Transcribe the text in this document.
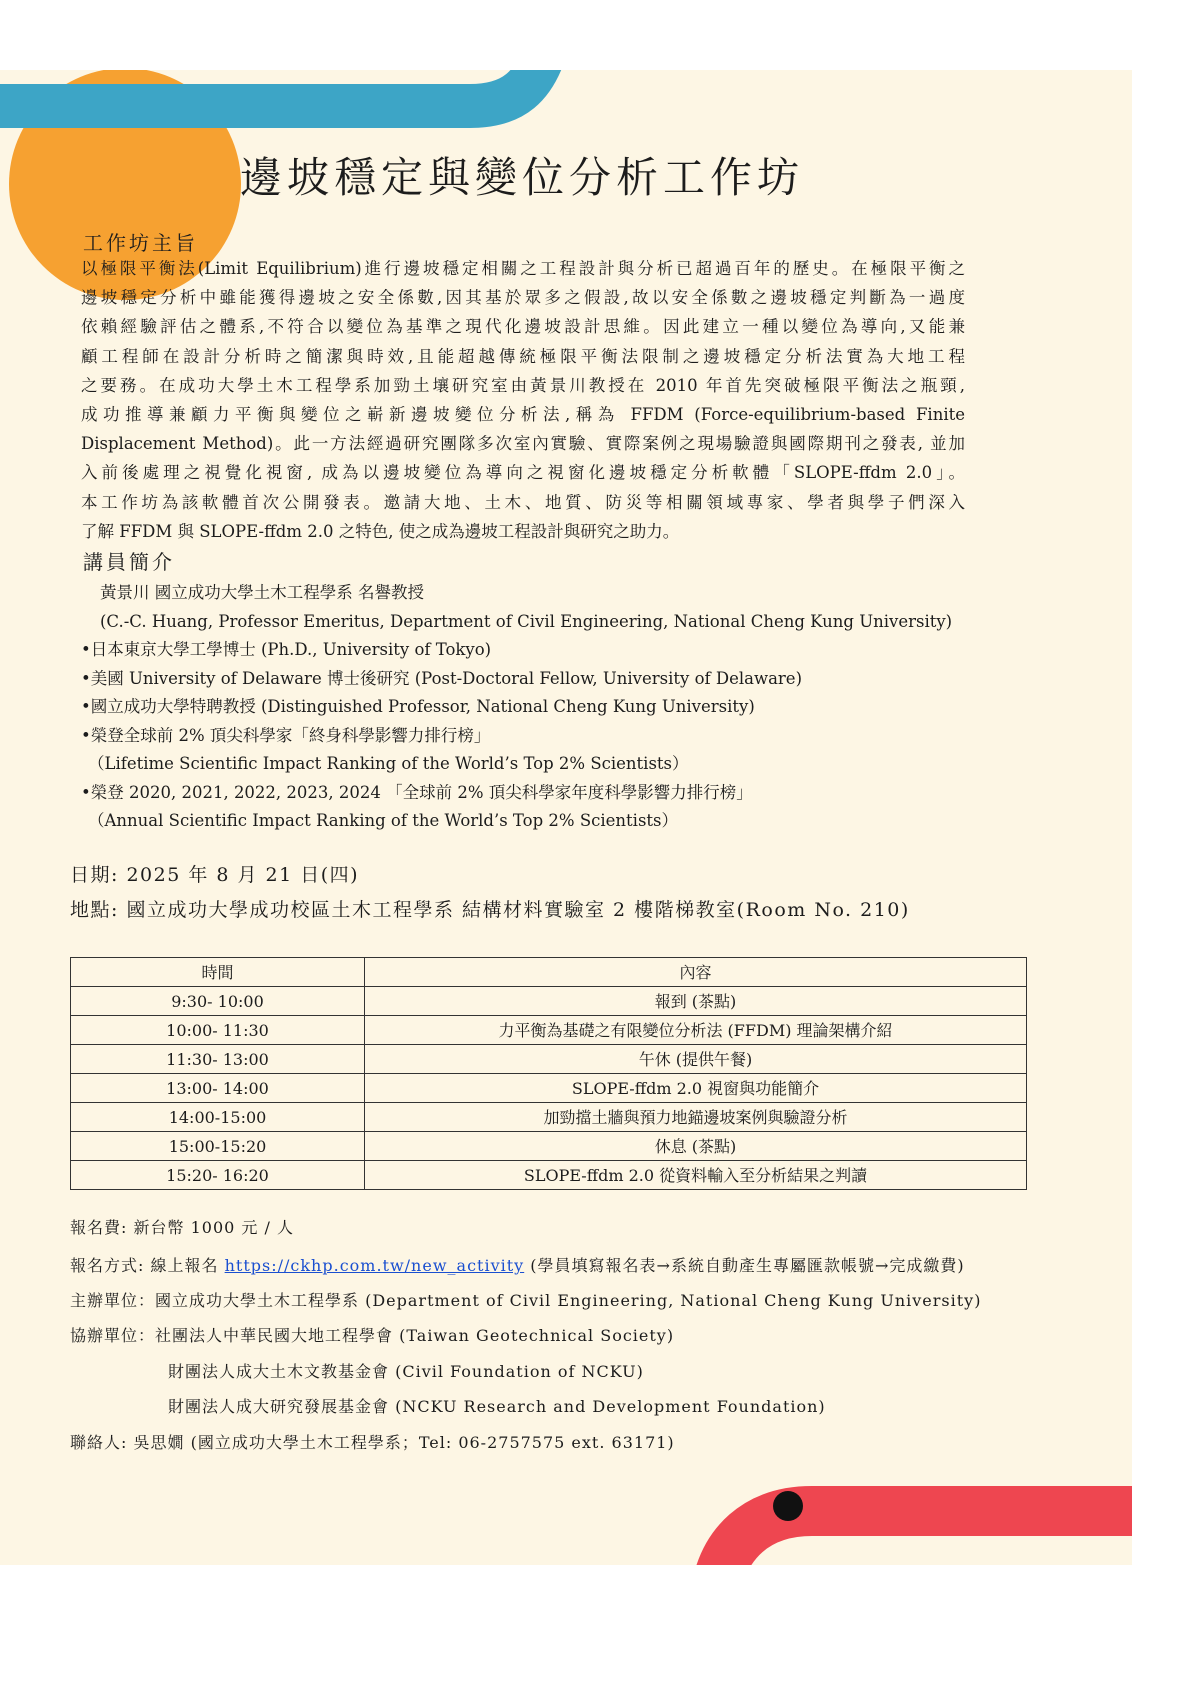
邊坡穩定與變位分析工作坊
工作坊主旨
以極限平衡法(Limit Equilibrium)進行邊坡穩定相關之工程設計與分析已超過百年的歷史。在極限平衡之
邊坡穩定分析中雖能獲得邊坡之安全係數,因其基於眾多之假設,故以安全係數之邊坡穩定判斷為一過度
依賴經驗評估之體系,不符合以變位為基準之現代化邊坡設計思維。因此建立一種以變位為導向,又能兼
顧工程師在設計分析時之簡潔與時效,且能超越傳統極限平衡法限制之邊坡穩定分析法實為大地工程
之要務。在成功大學土木工程學系加勁土壤研究室由黃景川教授在 2010 年首先突破極限平衡法之瓶頸,
成功推導兼顧力平衡與變位之嶄新邊坡變位分析法,稱為 FFDM (Force-equilibrium-based Finite
Displacement Method)。此一方法經過研究團隊多次室內實驗、實際案例之現場驗證與國際期刊之發表, 並加
入前後處理之視覺化視窗, 成為以邊坡變位為導向之視窗化邊坡穩定分析軟體「SLOPE-ffdm 2.0」。
本工作坊為該軟體首次公開發表。邀請大地、土木、地質、防災等相關領域專家、學者與學子們深入
了解 FFDM 與 SLOPE-ffdm 2.0 之特色, 使之成為邊坡工程設計與研究之助力。
講員簡介
黃景川 國立成功大學土木工程學系 名譽教授
(C.-C. Huang, Professor Emeritus, Department of Civil Engineering, National Cheng Kung University)
•日本東京大學工學博士 (Ph.D., University of Tokyo)
•美國 University of Delaware 博士後研究 (Post-Doctoral Fellow, University of Delaware)
•國立成功大學特聘教授 (Distinguished Professor, National Cheng Kung University)
•榮登全球前 2% 頂尖科學家「終身科學影響力排行榜」
（Lifetime Scientific Impact Ranking of the World’s Top 2% Scientists）
•榮登 2020, 2021, 2022, 2023, 2024 「全球前 2% 頂尖科學家年度科學影響力排行榜」
（Annual Scientific Impact Ranking of the World’s Top 2% Scientists）
日期: 2025 年 8 月 21 日(四)
地點: 國立成功大學成功校區土木工程學系 結構材料實驗室 2 樓階梯教室(Room No. 210)
時間	內容
9:30- 10:00	報到 (茶點)
10:00- 11:30	力平衡為基礎之有限變位分析法 (FFDM) 理論架構介紹
11:30- 13:00	午休 (提供午餐)
13:00- 14:00	SLOPE-ffdm 2.0 視窗與功能簡介
14:00-15:00	加勁擋土牆與預力地錨邊坡案例與驗證分析
15:00-15:20	休息 (茶點)
15:20- 16:20	SLOPE-ffdm 2.0 從資料輸入至分析結果之判讀
報名費: 新台幣 1000 元 / 人
報名方式: 線上報名 https://ckhp.com.tw/new_activity (學員填寫報名表→系統自動產生專屬匯款帳號→完成繳費)
主辦單位：國立成功大學土木工程學系 (Department of Civil Engineering, National Cheng Kung University)
協辦單位：社團法人中華民國大地工程學會 (Taiwan Geotechnical Society)
財團法人成大土木文教基金會 (Civil Foundation of NCKU)
財團法人成大研究發展基金會 (NCKU Research and Development Foundation)
聯絡人: 吳思嫺 (國立成功大學土木工程學系；Tel: 06-2757575 ext. 63171)
